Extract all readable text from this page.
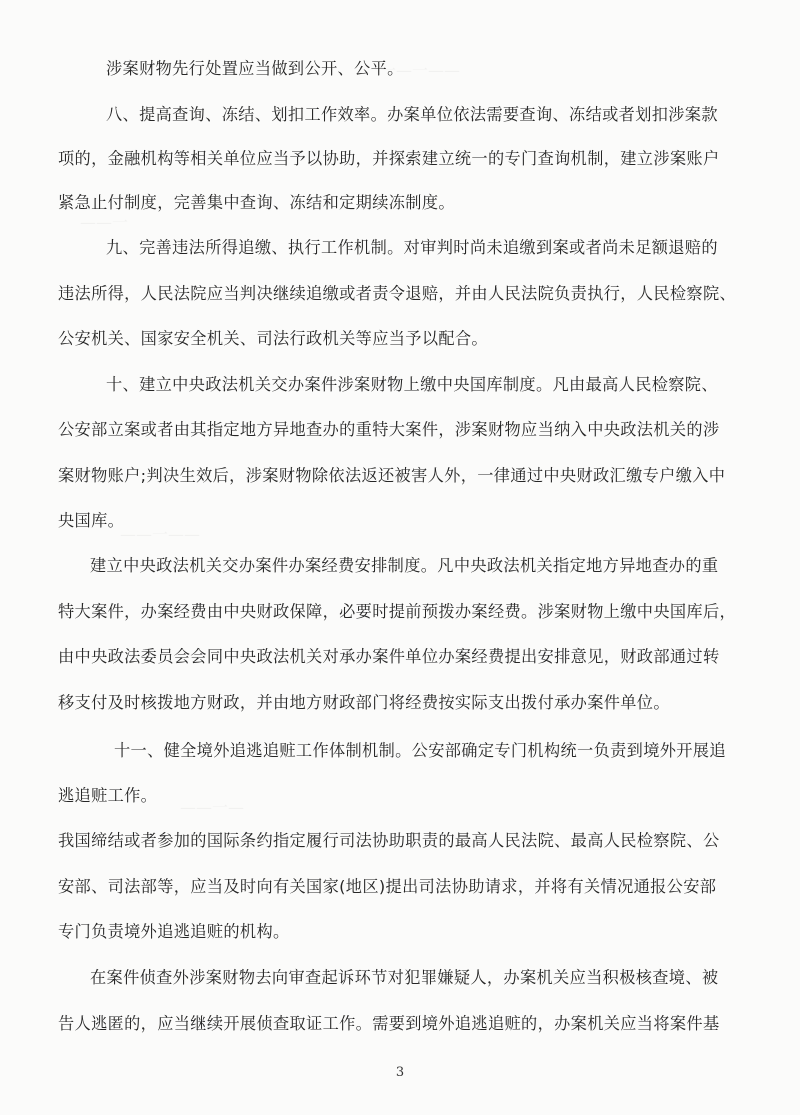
一—一——
——一
——一——
——一—
涉案财物先行处置应当做到公开、公平。
八、提高查询、冻结、划扣工作效率。办案单位依法需要查询、冻结或者划扣涉案款
项的，金融机构等相关单位应当予以协助，并探索建立统一的专门查询机制，建立涉案账户
紧急止付制度，完善集中查询、冻结和定期续冻制度。
九、完善违法所得追缴、执行工作机制。对审判时尚未追缴到案或者尚未足额退赔的
违法所得，人民法院应当判决继续追缴或者责令退赔，并由人民法院负责执行，人民检察院、
公安机关、国家安全机关、司法行政机关等应当予以配合。
十、建立中央政法机关交办案件涉案财物上缴中央国库制度。凡由最高人民检察院、
公安部立案或者由其指定地方异地查办的重特大案件，涉案财物应当纳入中央政法机关的涉
案财物账户;判决生效后，涉案财物除依法返还被害人外，一律通过中央财政汇缴专户缴入中
央国库。
建立中央政法机关交办案件办案经费安排制度。凡中央政法机关指定地方异地查办的重
特大案件，办案经费由中央财政保障，必要时提前预拨办案经费。涉案财物上缴中央国库后，
由中央政法委员会会同中央政法机关对承办案件单位办案经费提出安排意见，财政部通过转
移支付及时核拨地方财政，并由地方财政部门将经费按实际支出拨付承办案件单位。
十一、健全境外追逃追赃工作体制机制。公安部确定专门机构统一负责到境外开展追
逃追赃工作。
我国缔结或者参加的国际条约指定履行司法协助职责的最高人民法院、最高人民检察院、公
安部、司法部等，应当及时向有关国家(地区)提出司法协助请求，并将有关情况通报公安部
专门负责境外追逃追赃的机构。
在案件侦查外涉案财物去向审查起诉环节对犯罪嫌疑人，办案机关应当积极核查境、被
告人逃匿的，应当继续开展侦查取证工作。需要到境外追逃追赃的，办案机关应当将案件基
3
